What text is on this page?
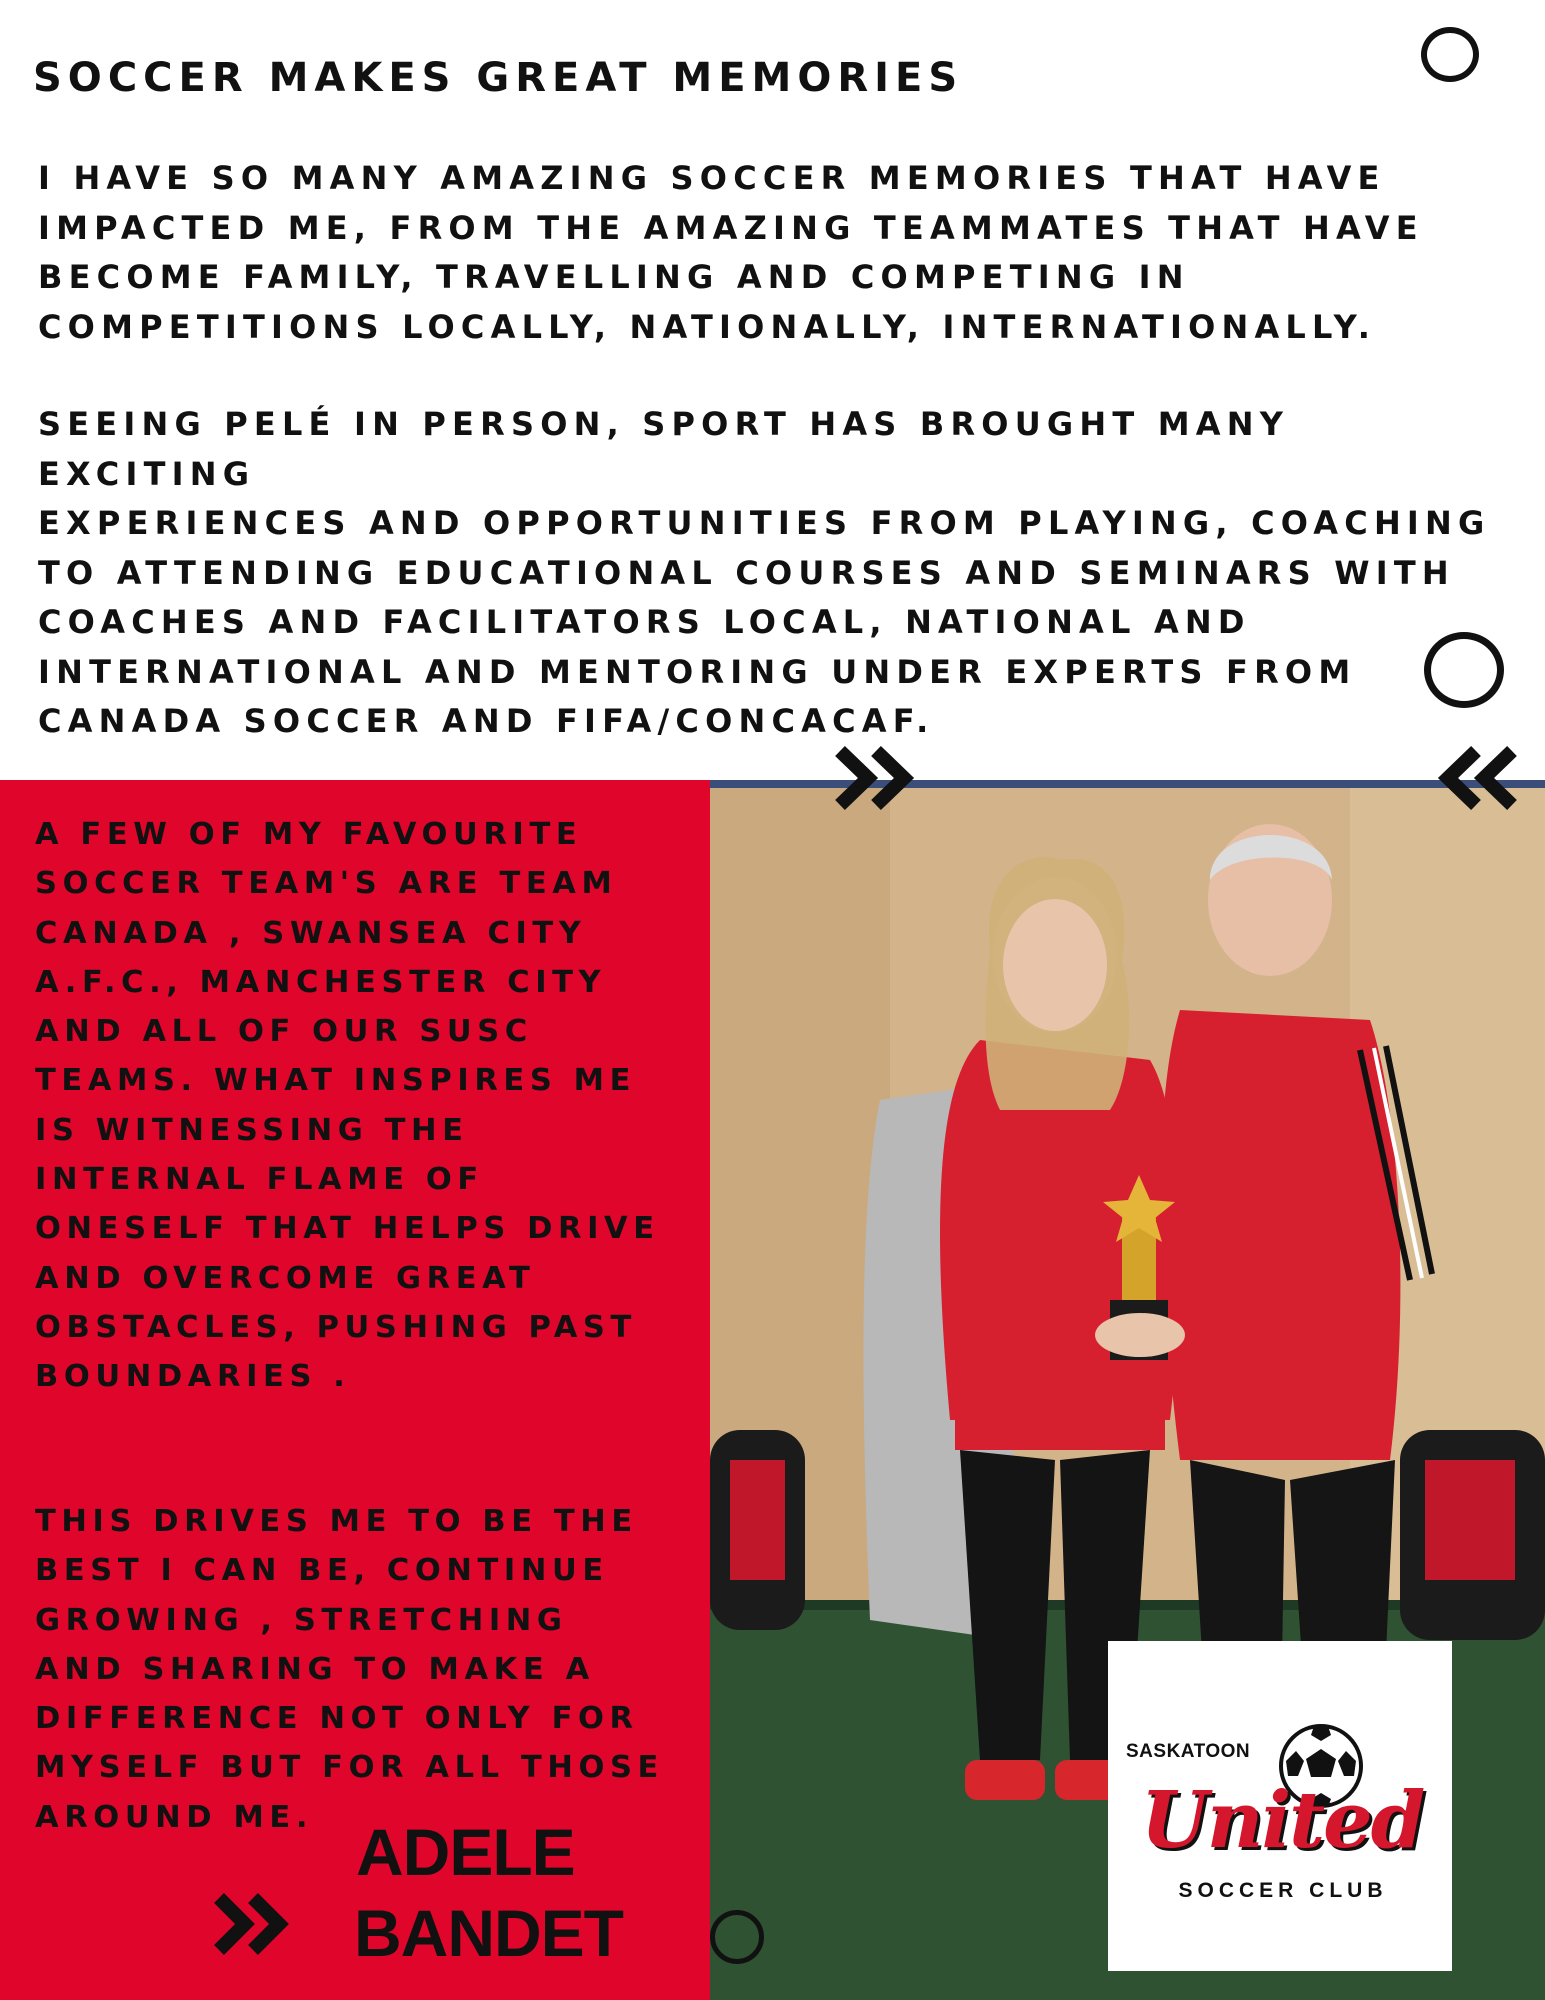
SOCCER MAKES GREAT MEMORIES

I HAVE SO MANY AMAZING SOCCER MEMORIES THAT HAVE
IMPACTED ME, FROM THE AMAZING TEAMMATES THAT HAVE
BECOME FAMILY, TRAVELLING AND COMPETING IN
COMPETITIONS LOCALLY, NATIONALLY, INTERNATIONALLY.

SEEING PELÉ IN PERSON, SPORT HAS BROUGHT MANY EXCITING
EXPERIENCES AND OPPORTUNITIES FROM PLAYING, COACHING
TO ATTENDING EDUCATIONAL COURSES AND SEMINARS WITH
COACHES AND FACILITATORS LOCAL, NATIONAL AND
INTERNATIONAL AND MENTORING UNDER EXPERTS FROM
CANADA SOCCER AND FIFA/CONCACAF.

A FEW OF MY FAVOURITE
SOCCER TEAM'S ARE TEAM
CANADA , SWANSEA CITY
A.F.C., MANCHESTER CITY
AND ALL OF OUR SUSC
TEAMS. WHAT INSPIRES ME
IS WITNESSING THE
INTERNAL FLAME OF
ONESELF THAT HELPS DRIVE
AND OVERCOME GREAT
OBSTACLES, PUSHING PAST
BOUNDARIES .

THIS DRIVES ME TO BE THE
BEST I CAN BE, CONTINUE
GROWING , STRETCHING
AND SHARING TO MAKE A
DIFFERENCE NOT ONLY FOR
MYSELF BUT FOR ALL THOSE
AROUND ME. ADELE

BANDET

SASKATOON

United

SOCCER CLUB
